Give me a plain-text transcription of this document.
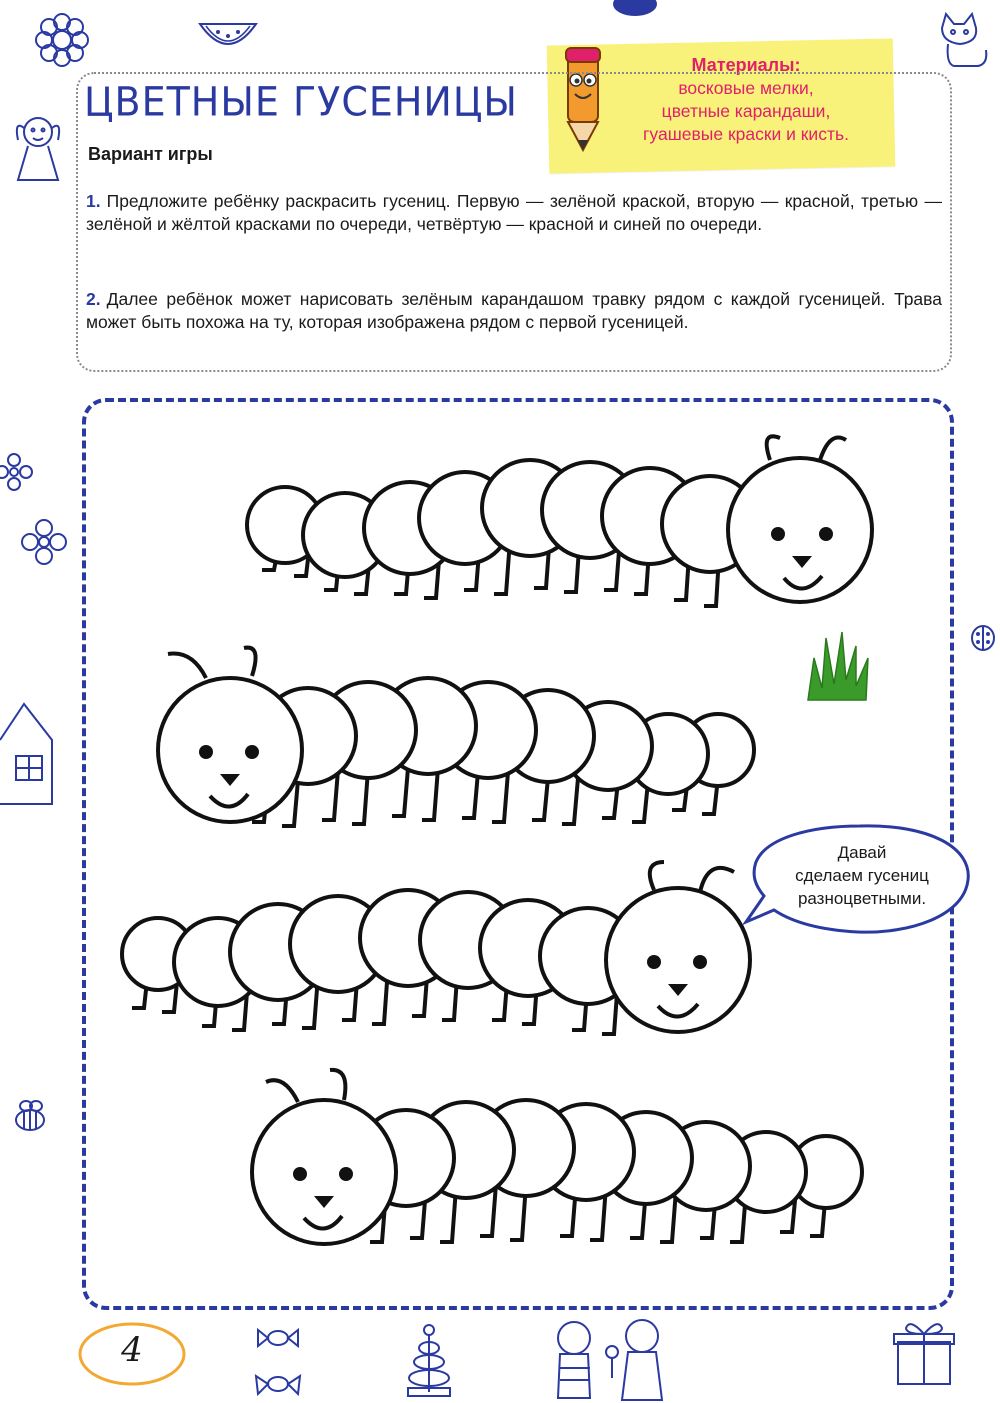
Материалы:
восковые мелки,
цветные карандаши,
гуашевые краски и кисть.
ЦВЕТНЫЕ ГУСЕНИЦЫ
Вариант игры
1. Предложите ребёнку раскрасить гусениц. Первую — зелёной краской, вторую — красной, третью — зелёной и жёлтой красками по очереди, четвёртую — красной и синей по очереди.
2. Далее ребёнок может нарисовать зелёным карандашом травку рядом с каждой гусеницей. Трава может быть похожа на ту, которая изображена рядом с первой гусеницей.
Давай
сделаем гусениц
разноцветными.
4
